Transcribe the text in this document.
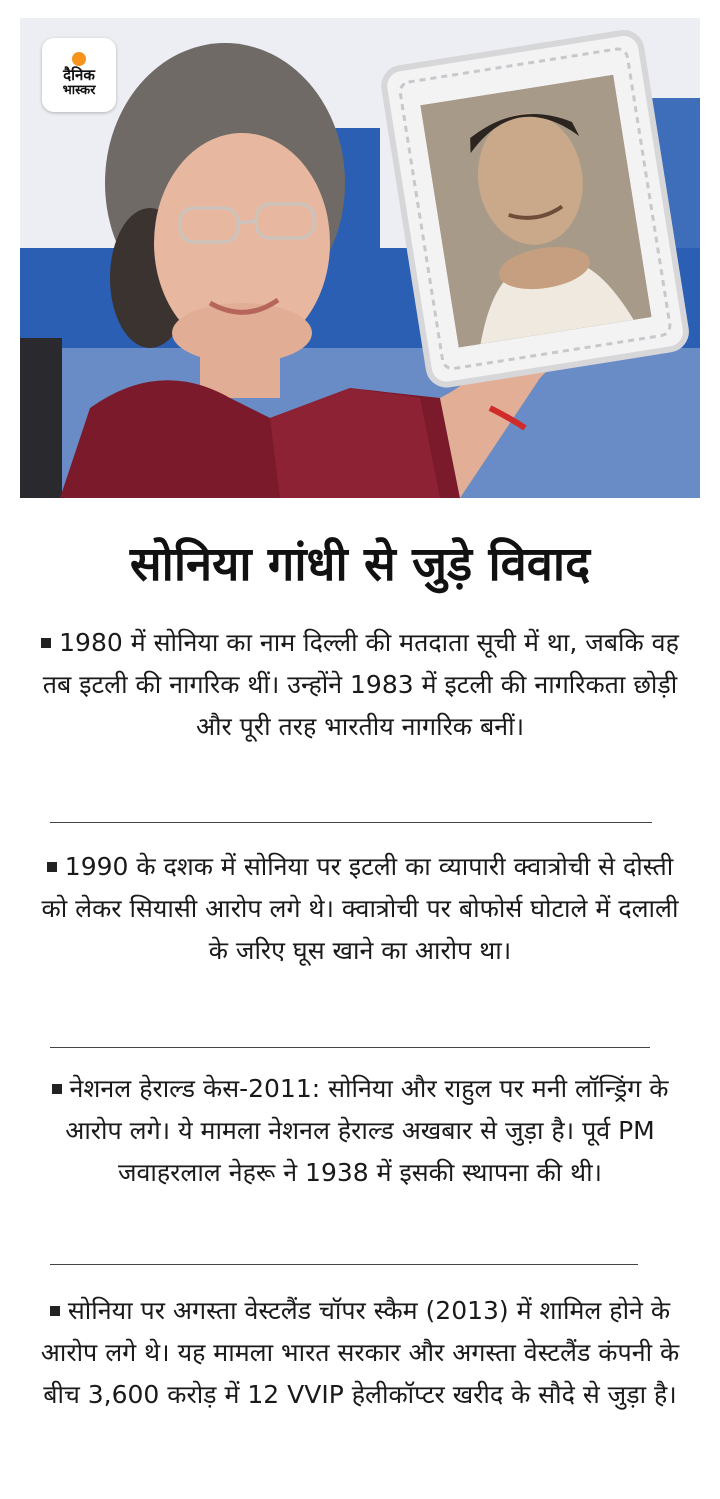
दैनिक
भास्कर
सोनिया गांधी से जुड़े विवाद
1980 में सोनिया का नाम दिल्ली की मतदाता सूची में था, जबकि वह तब इटली की नागरिक थीं। उन्होंने 1983 में इटली की नागरिकता छोड़ी और पूरी तरह भारतीय नागरिक बनीं।
1990 के दशक में सोनिया पर इटली का व्यापारी क्वात्रोची से दोस्ती को लेकर सियासी आरोप लगे थे। क्वात्रोची पर बोफोर्स घोटाले में दलाली के जरिए घूस खाने का आरोप था।
नेशनल हेराल्ड केस-2011: सोनिया और राहुल पर मनी लॉन्ड्रिंग के आरोप लगे। ये मामला नेशनल हेराल्ड अखबार से जुड़ा है। पूर्व PM जवाहरलाल नेहरू ने 1938 में इसकी स्थापना की थी।
सोनिया पर अगस्ता वेस्टलैंड चॉपर स्कैम (2013) में शामिल होने के आरोप लगे थे। यह मामला भारत सरकार और अगस्ता वेस्टलैंड कंपनी के बीच 3,600 करोड़ में 12 VVIP हेलीकॉप्टर खरीद के सौदे से जुड़ा है।
